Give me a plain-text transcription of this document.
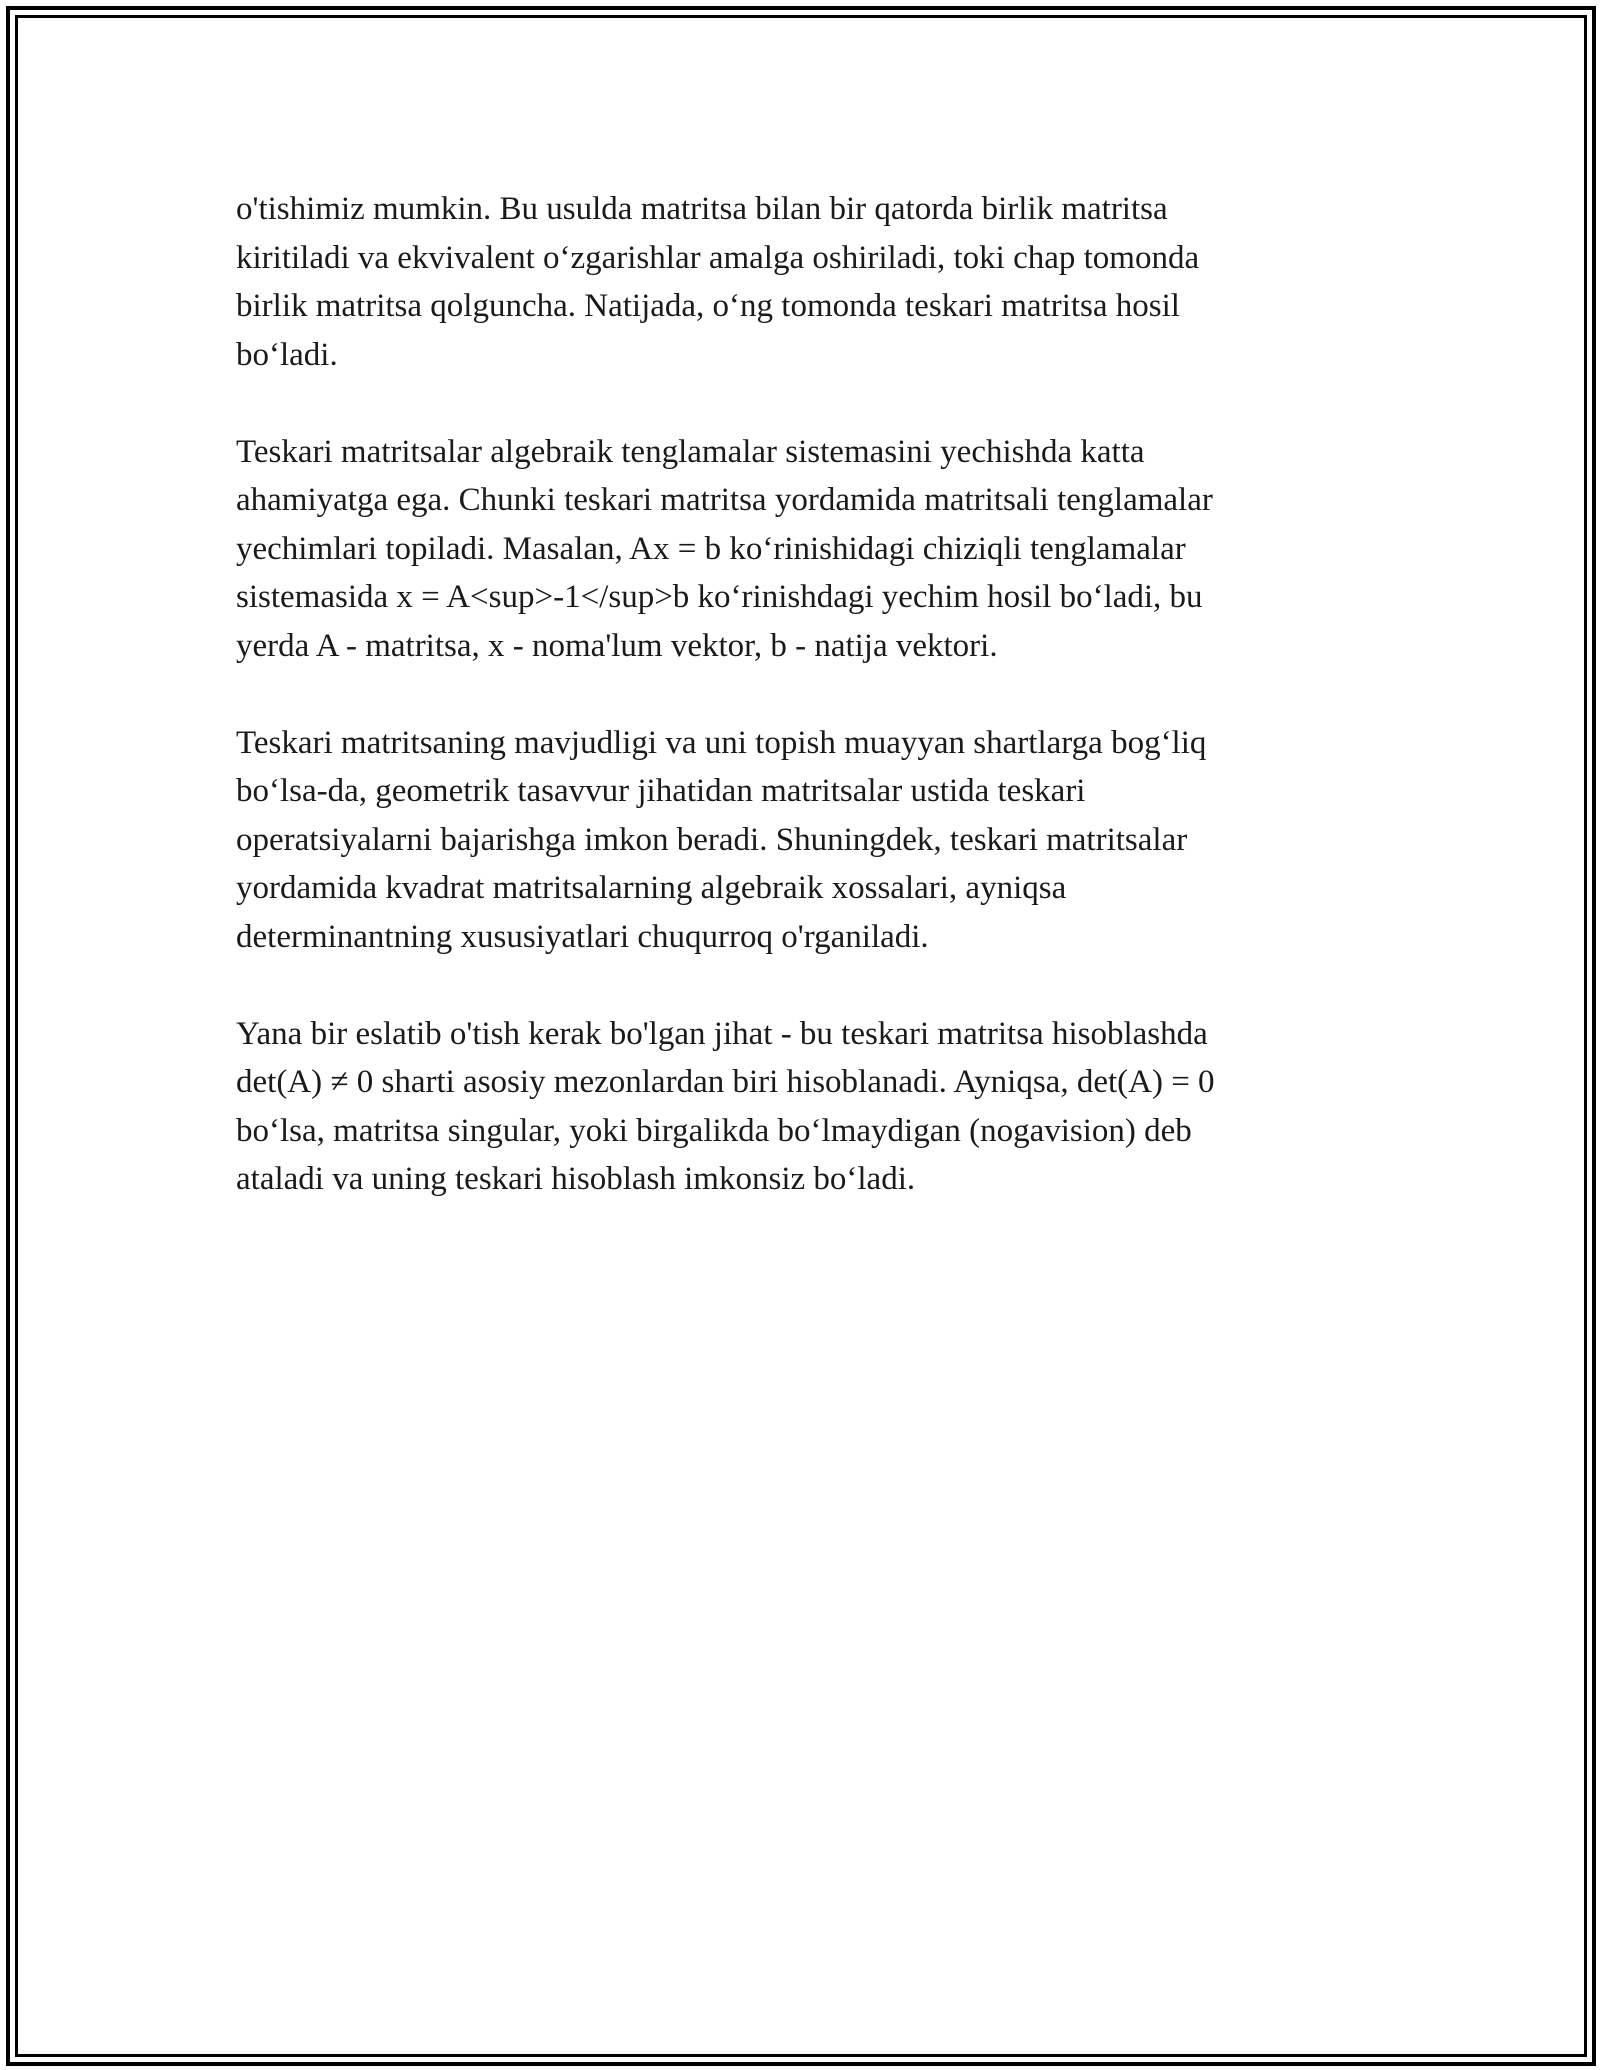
o'tishimiz mumkin. Bu usulda matritsa bilan bir qatorda birlik matritsa
kiritiladi va ekvivalent o‘zgarishlar amalga oshiriladi, toki chap tomonda
birlik matritsa qolguncha. Natijada, o‘ng tomonda teskari matritsa hosil
bo‘ladi.

Teskari matritsalar algebraik tenglamalar sistemasini yechishda katta
ahamiyatga ega. Chunki teskari matritsa yordamida matritsali tenglamalar
yechimlari topiladi. Masalan, Ax = b ko‘rinishidagi chiziqli tenglamalar
sistemasida x = A<sup>-1</sup>b ko‘rinishdagi yechim hosil bo‘ladi, bu
yerda A - matritsa, x - noma'lum vektor, b - natija vektori.

Teskari matritsaning mavjudligi va uni topish muayyan shartlarga bog‘liq
bo‘lsa-da, geometrik tasavvur jihatidan matritsalar ustida teskari
operatsiyalarni bajarishga imkon beradi. Shuningdek, teskari matritsalar
yordamida kvadrat matritsalarning algebraik xossalari, ayniqsa
determinantning xususiyatlari chuqurroq o'rganiladi.

Yana bir eslatib o'tish kerak bo'lgan jihat - bu teskari matritsa hisoblashda
det(A) ≠ 0 sharti asosiy mezonlardan biri hisoblanadi. Ayniqsa, det(A) = 0
bo‘lsa, matritsa singular, yoki birgalikda bo‘lmaydigan (nogavision) deb
ataladi va uning teskari hisoblash imkonsiz bo‘ladi.
